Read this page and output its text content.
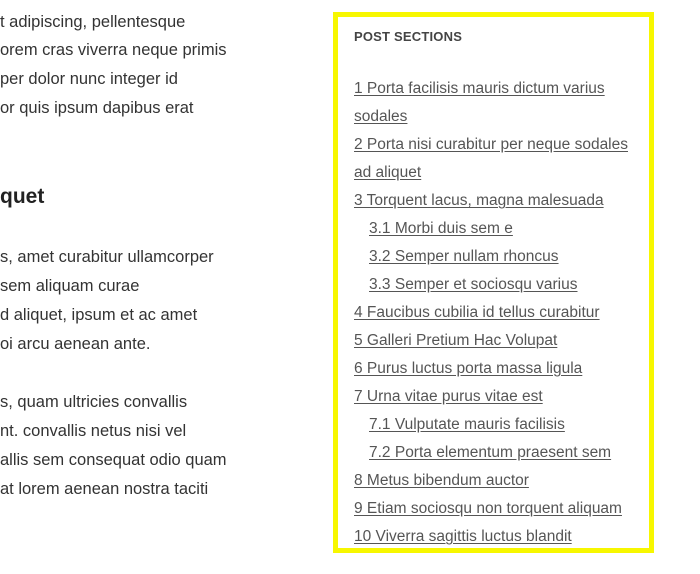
t adipiscing, pellentesque
orem cras viverra neque primis
per dolor nunc integer id
or quis ipsum dapibus erat
quet
s, amet curabitur ullamcorper
sem aliquam curae
d aliquet, ipsum et ac amet
oi arcu aenean ante.
s, quam ultricies convallis
nt. convallis netus nisi vel
allis sem consequat odio quam
at lorem aenean nostra taciti
POST SECTIONS
1 Porta facilisis mauris dictum varius
sodales
2 Porta nisi curabitur per neque sodales
ad aliquet
3 Torquent lacus, magna malesuada
3.1 Morbi duis sem e
3.2 Semper nullam rhoncus
3.3 Semper et sociosqu varius
4 Faucibus cubilia id tellus curabitur
5 Galleri Pretium Hac Volupat
6 Purus luctus porta massa ligula
7 Urna vitae purus vitae est
7.1 Vulputate mauris facilisis
7.2 Porta elementum praesent sem
8 Metus bibendum auctor
9 Etiam sociosqu non torquent aliquam
10 Viverra sagittis luctus blandit
